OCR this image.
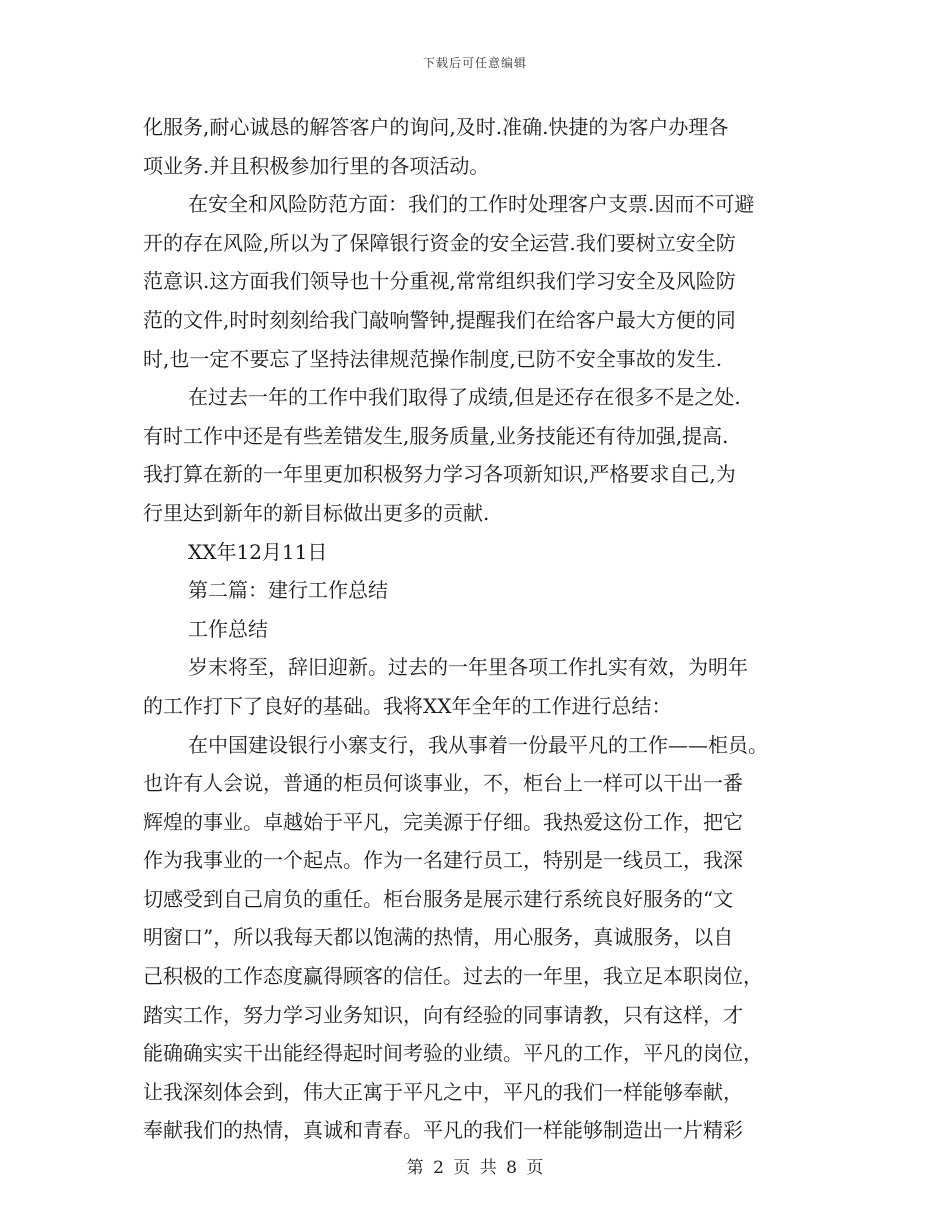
下载后可任意编辑
化服务,耐心诚恳的解答客户的询问,及时.准确.快捷的为客户办理各
项业务.并且积极参加行里的各项活动。
在安全和风险防范方面：我们的工作时处理客户支票.因而不可避
开的存在风险,所以为了保障银行资金的安全运营.我们要树立安全防
范意识.这方面我们领导也十分重视,常常组织我们学习安全及风险防
范的文件,时时刻刻给我门敲响警钟,提醒我们在给客户最大方便的同
时,也一定不要忘了坚持法律规范操作制度,已防不安全事故的发生.
在过去一年的工作中我们取得了成绩,但是还存在很多不是之处.
有时工作中还是有些差错发生,服务质量,业务技能还有待加强,提高.
我打算在新的一年里更加积极努力学习各项新知识,严格要求自己,为
行里达到新年的新目标做出更多的贡献.
XX年12月11日
第二篇：建行工作总结
工作总结
岁末将至，辞旧迎新。过去的一年里各项工作扎实有效，为明年
的工作打下了良好的基础。我将XX年全年的工作进行总结：
在中国建设银行小寨支行，我从事着一份最平凡的工作——柜员。
也许有人会说，普通的柜员何谈事业，不，柜台上一样可以干出一番
辉煌的事业。卓越始于平凡，完美源于仔细。我热爱这份工作，把它
作为我事业的一个起点。作为一名建行员工，特别是一线员工，我深
切感受到自己肩负的重任。柜台服务是展示建行系统良好服务的“文
明窗口”，所以我每天都以饱满的热情，用心服务，真诚服务，以自
己积极的工作态度赢得顾客的信任。过去的一年里，我立足本职岗位，
踏实工作，努力学习业务知识，向有经验的同事请教，只有这样，才
能确确实实干出能经得起时间考验的业绩。平凡的工作，平凡的岗位，
让我深刻体会到，伟大正寓于平凡之中，平凡的我们一样能够奉献，
奉献我们的热情，真诚和青春。平凡的我们一样能够制造出一片精彩
第 2 页 共 8 页
